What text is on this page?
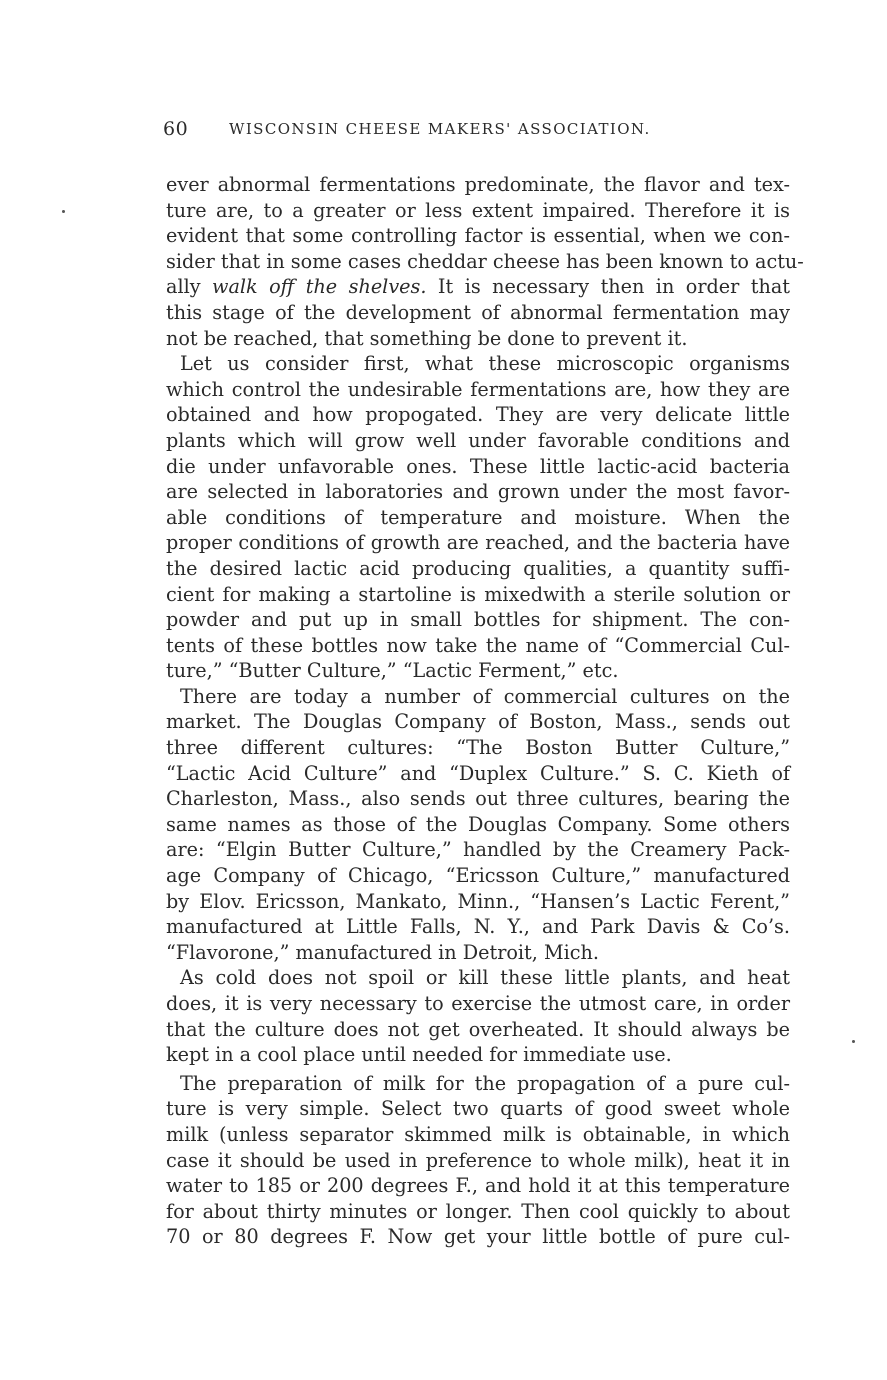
60	WISCONSIN CHEESE MAKERS' ASSOCIATION.
ever abnormal fermentations predominate, the flavor and tex-
ture are, to a greater or less extent impaired. Therefore it is
evident that some controlling factor is essential, when we con-
sider that in some cases cheddar cheese has been known to actu-
ally walk off the shelves. It is necessary then in order that
this stage of the development of abnormal fermentation may
not be reached, that something be done to prevent it.
Let us consider first, what these microscopic organisms
which control the undesirable fermentations are, how they are
obtained and how propogated. They are very delicate little
plants which will grow well under favorable conditions and
die under unfavorable ones. These little lactic-acid bacteria
are selected in laboratories and grown under the most favor-
able conditions of temperature and moisture. When the
proper conditions of growth are reached, and the bacteria have
the desired lactic acid producing qualities, a quantity suffi-
cient for making a startoline is mixedwith a sterile solution or
powder and put up in small bottles for shipment. The con-
tents of these bottles now take the name of “Commercial Cul-
ture,” “Butter Culture,” “Lactic Ferment,” etc.
There are today a number of commercial cultures on the
market. The Douglas Company of Boston, Mass., sends out
three different cultures: “The Boston Butter Culture,”
“Lactic Acid Culture” and “Duplex Culture.” S. C. Kieth of
Charleston, Mass., also sends out three cultures, bearing the
same names as those of the Douglas Company. Some others
are: “Elgin Butter Culture,” handled by the Creamery Pack-
age Company of Chicago, “Ericsson Culture,” manufactured
by Elov. Ericsson, Mankato, Minn., “Hansen’s Lactic Ferent,”
manufactured at Little Falls, N. Y., and Park Davis & Co’s.
“Flavorone,” manufactured in Detroit, Mich.
As cold does not spoil or kill these little plants, and heat
does, it is very necessary to exercise the utmost care, in order
that the culture does not get overheated. It should always be
kept in a cool place until needed for immediate use.
The preparation of milk for the propagation of a pure cul-
ture is very simple. Select two quarts of good sweet whole
milk (unless separator skimmed milk is obtainable, in which
case it should be used in preference to whole milk), heat it in
water to 185 or 200 degrees F., and hold it at this temperature
for about thirty minutes or longer. Then cool quickly to about
70 or 80 degrees F. Now get your little bottle of pure cul-
